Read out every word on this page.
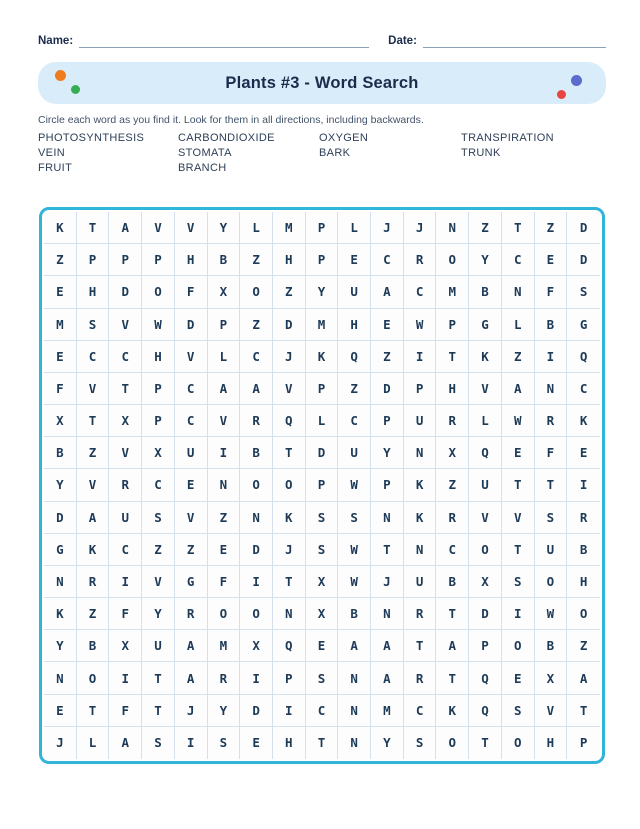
Name:	Date:
Plants #3 - Word Search

Circle each word as you find it. Look for them in all directions, including backwards.

PHOTOSYNTHESIS
VEIN
FRUIT
CARBONDIOXIDE
STOMATA
BRANCH
OXYGEN
BARK
TRANSPIRATION
TRUNK
K	T	A	V	V	Y	L	M	P	L	J	J	N	Z	T	Z	D
Z	P	P	P	H	B	Z	H	P	E	C	R	O	Y	C	E	D
E	H	D	O	F	X	O	Z	Y	U	A	C	M	B	N	F	S
M	S	V	W	D	P	Z	D	M	H	E	W	P	G	L	B	G
E	C	C	H	V	L	C	J	K	Q	Z	I	T	K	Z	I	Q
F	V	T	P	C	A	A	V	P	Z	D	P	H	V	A	N	C
X	T	X	P	C	V	R	Q	L	C	P	U	R	L	W	R	K
B	Z	V	X	U	I	B	T	D	U	Y	N	X	Q	E	F	E
Y	V	R	C	E	N	O	O	P	W	P	K	Z	U	T	T	I
D	A	U	S	V	Z	N	K	S	S	N	K	R	V	V	S	R
G	K	C	Z	Z	E	D	J	S	W	T	N	C	O	T	U	B
N	R	I	V	G	F	I	T	X	W	J	U	B	X	S	O	H
K	Z	F	Y	R	O	O	N	X	B	N	R	T	D	I	W	O
Y	B	X	U	A	M	X	Q	E	A	A	T	A	P	O	B	Z
N	O	I	T	A	R	I	P	S	N	A	R	T	Q	E	X	A
E	T	F	T	J	Y	D	I	C	N	M	C	K	Q	S	V	T
J	L	A	S	I	S	E	H	T	N	Y	S	O	T	O	H	P
